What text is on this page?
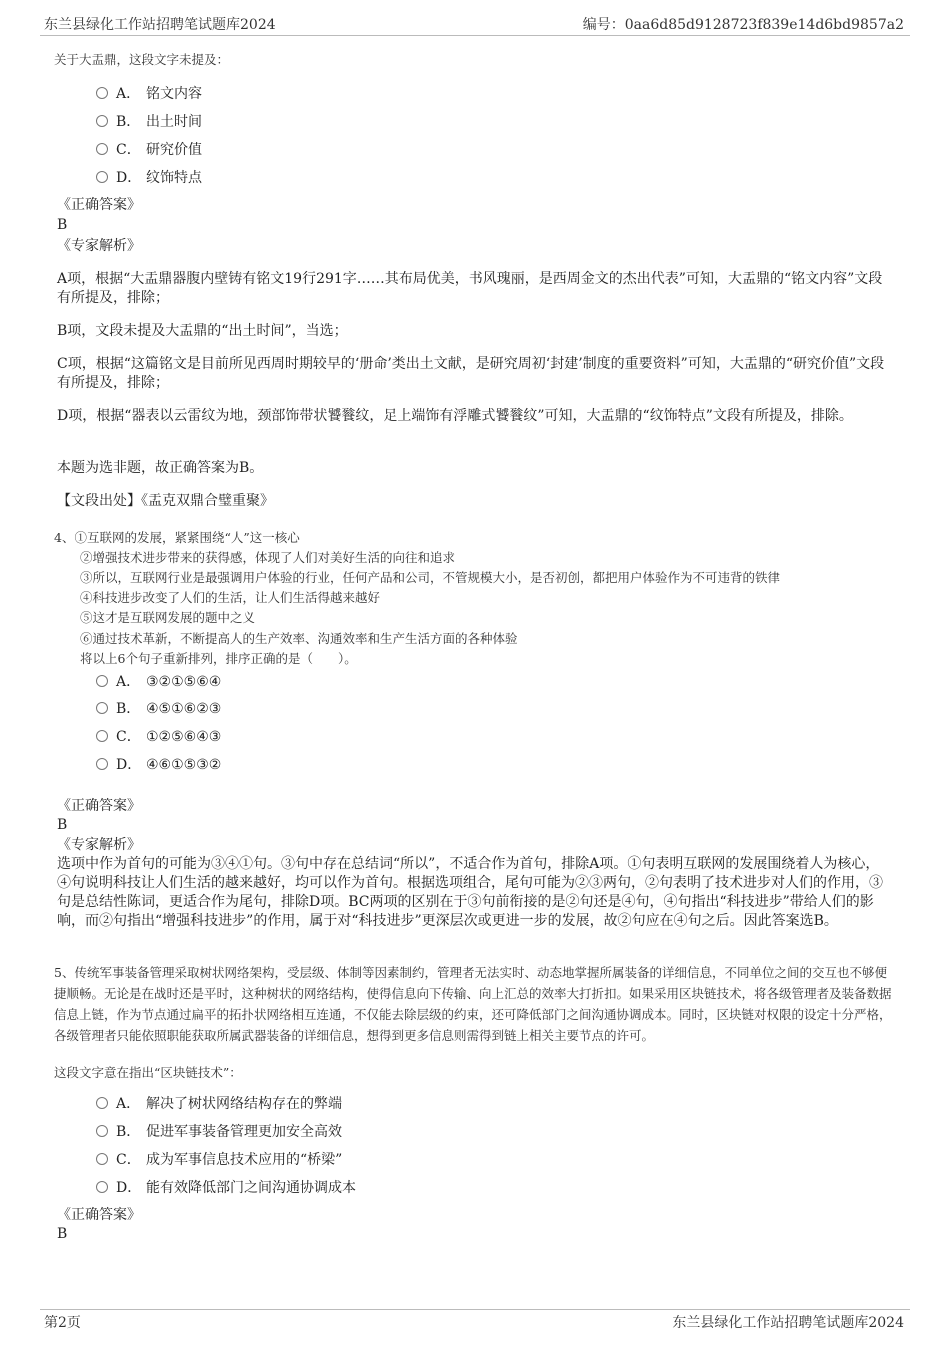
东兰县绿化工作站招聘笔试题库2024	编号：0aa6d85d9128723f839e14d6bd9857a2
关于大盂鼎，这段文字未提及：
A． 铭文内容
B． 出土时间
C． 研究价值
D． 纹饰特点
《正确答案》
B
《专家解析》
A项，根据“大盂鼎器腹内壁铸有铭文19行291字……其布局优美，书风瑰丽，是西周金文的杰出代表”可知，大盂鼎的“铭文内容”文段有所提及，排除；
B项，文段未提及大盂鼎的“出土时间”，当选；
C项，根据“这篇铭文是目前所见西周时期较早的‘册命’类出土文献，是研究周初‘封建’制度的重要资料”可知，大盂鼎的“研究价值”文段有所提及，排除；
D项，根据“器表以云雷纹为地，颈部饰带状饕餮纹，足上端饰有浮雕式饕餮纹”可知，大盂鼎的“纹饰特点”文段有所提及，排除。
本题为选非题，故正确答案为B。
【文段出处】《盂克双鼎合璧重聚》
4、①互联网的发展，紧紧围绕“人”这一核心
②增强技术进步带来的获得感，体现了人们对美好生活的向往和追求
③所以，互联网行业是最强调用户体验的行业，任何产品和公司，不管规模大小，是否初创，都把用户体验作为不可违背的铁律
④科技进步改变了人们的生活，让人们生活得越来越好
⑤这才是互联网发展的题中之义
⑥通过技术革新，不断提高人的生产效率、沟通效率和生产生活方面的各种体验
将以上6个句子重新排列，排序正确的是（　　）。
A． ③②①⑤⑥④
B． ④⑤①⑥②③
C． ①②⑤⑥④③
D． ④⑥①⑤③②
《正确答案》
B
《专家解析》
选项中作为首句的可能为③④①句。③句中存在总结词“所以”，不适合作为首句，排除A项。①句表明互联网的发展围绕着人为核心，④句说明科技让人们生活的越来越好，均可以作为首句。根据选项组合，尾句可能为②③两句，②句表明了技术进步对人们的作用，③句是总结性陈词，更适合作为尾句，排除D项。BC两项的区别在于③句前衔接的是②句还是④句，④句指出“科技进步”带给人们的影响，而②句指出“增强科技进步”的作用，属于对“科技进步”更深层次或更进一步的发展，故②句应在④句之后。因此答案选B。
5、传统军事装备管理采取树状网络架构，受层级、体制等因素制约，管理者无法实时、动态地掌握所属装备的详细信息，不同单位之间的交互也不够便捷顺畅。无论是在战时还是平时，这种树状的网络结构，使得信息向下传输、向上汇总的效率大打折扣。如果采用区块链技术，将各级管理者及装备数据信息上链，作为节点通过扁平的拓扑状网络相互连通，不仅能去除层级的约束，还可降低部门之间沟通协调成本。同时，区块链对权限的设定十分严格，各级管理者只能依照职能获取所属武器装备的详细信息，想得到更多信息则需得到链上相关主要节点的许可。
这段文字意在指出“区块链技术”：
A． 解决了树状网络结构存在的弊端
B． 促进军事装备管理更加安全高效
C． 成为军事信息技术应用的“桥梁”
D． 能有效降低部门之间沟通协调成本
《正确答案》
B
第2页	东兰县绿化工作站招聘笔试题库2024
